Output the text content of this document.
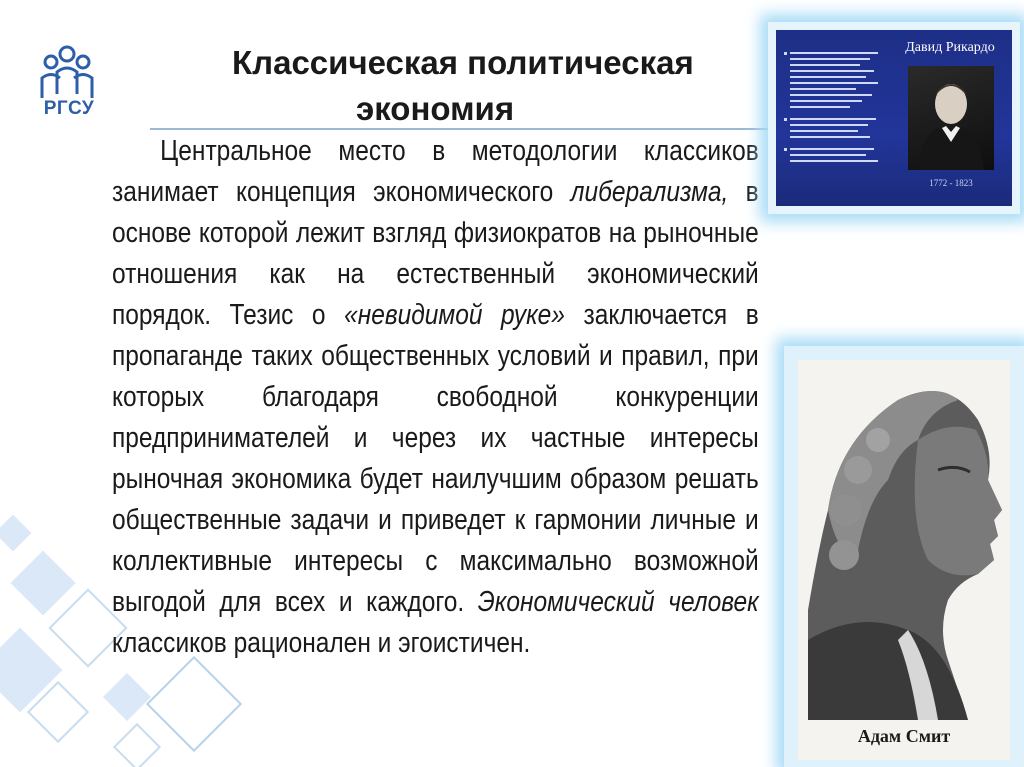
РГСУ
Классическая политическая
экономия
Центральное место в методологии классиков занимает концепция экономического либерализма, в основе которой лежит взгляд физиократов на рыночные отношения как на естественный экономический порядок. Тезис о «невидимой руке» заключается в пропаганде таких общественных условий и правил, при которых благодаря свободной конкуренции предпринимателей и через их частные интересы рыночная экономика будет наилучшим образом решать общественные задачи и приведет к гармонии личные и коллективные интересы с максимально возможной выгодой для всех и каждого. Экономический человек классиков рационален и эгоистичен.
Давид Рикардо
1772 - 1823
Адам Смит
